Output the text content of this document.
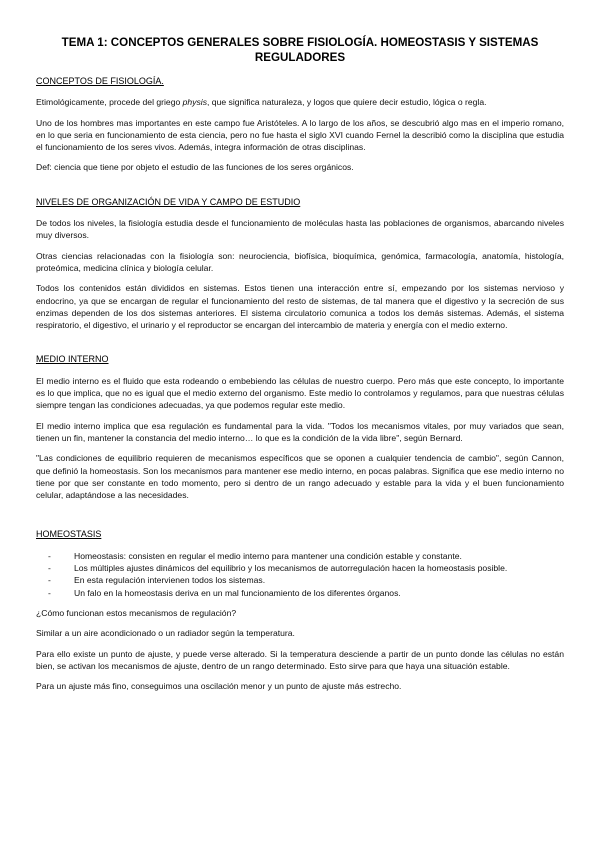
TEMA 1: CONCEPTOS GENERALES SOBRE FISIOLOGÍA. HOMEOSTASIS Y SISTEMAS REGULADORES
CONCEPTOS DE FISIOLOGÍA.

Etimológicamente, procede del griego physis, que significa naturaleza, y logos que quiere decir estudio, lógica o regla.

Uno de los hombres mas importantes en este campo fue Aristóteles. A lo largo de los años, se descubrió algo mas en el imperio romano, en lo que seria en funcionamiento de esta ciencia, pero no fue hasta el siglo XVI cuando Fernel la describió como la disciplina que estudia el funcionamiento de los seres vivos. Además, integra información de otras disciplinas.

Def: ciencia que tiene por objeto el estudio de las funciones de los seres orgánicos.

NIVELES DE ORGANIZACIÓN DE VIDA Y CAMPO DE ESTUDIO

De todos los niveles, la fisiología estudia desde el funcionamiento de moléculas hasta las poblaciones de organismos, abarcando niveles muy diversos.

Otras ciencias relacionadas con la fisiología son: neurociencia, biofísica, bioquímica, genómica, farmacología, anatomía, histología, proteómica, medicina clínica y biología celular.

Todos los contenidos están divididos en sistemas. Estos tienen una interacción entre sí, empezando por los sistemas nervioso y endocrino, ya que se encargan de regular el funcionamiento del resto de sistemas, de tal manera que el digestivo y la secreción de sus enzimas dependen de los dos sistemas anteriores. El sistema circulatorio comunica a todos los demás sistemas. Además, el sistema respiratorio, el digestivo, el urinario y el reproductor se encargan del intercambio de materia y energía con el medio externo.

MEDIO INTERNO

El medio interno es el fluido que esta rodeando o embebiendo las células de nuestro cuerpo. Pero más que este concepto, lo importante es lo que implica, que no es igual que el medio externo del organismo. Este medio lo controlamos y regulamos, para que nuestras células siempre tengan las condiciones adecuadas, ya que podemos regular este medio.

El medio interno implica que esa regulación es fundamental para la vida. "Todos los mecanismos vitales, por muy variados que sean, tienen un fin, mantener la constancia del medio interno… lo que es la condición de la vida libre", según Bernard.

"Las condiciones de equilibrio requieren de mecanismos específicos que se oponen a cualquier tendencia de cambio", según Cannon, que definió la homeostasis. Son los mecanismos para mantener ese medio interno, en pocas palabras. Significa que ese medio interno no tiene por que ser constante en todo momento, pero si dentro de un rango adecuado y estable para la vida y el buen funcionamiento celular, adaptándose a las necesidades.

HOMEOSTASIS
- Homeostasis: consisten en regular el medio interno para mantener una condición estable y constante.
- Los múltiples ajustes dinámicos del equilibrio y los mecanismos de autorregulación hacen la homeostasis posible.
- En esta regulación intervienen todos los sistemas.
- Un falo en la homeostasis deriva en un mal funcionamiento de los diferentes órganos.

¿Cómo funcionan estos mecanismos de regulación?

Similar a un aire acondicionado o un radiador según la temperatura.

Para ello existe un punto de ajuste, y puede verse alterado. Si la temperatura desciende a partir de un punto donde las células no están bien, se activan los mecanismos de ajuste, dentro de un rango determinado. Esto sirve para que haya una situación estable.

Para un ajuste más fino, conseguimos una oscilación menor y un punto de ajuste más estrecho.
